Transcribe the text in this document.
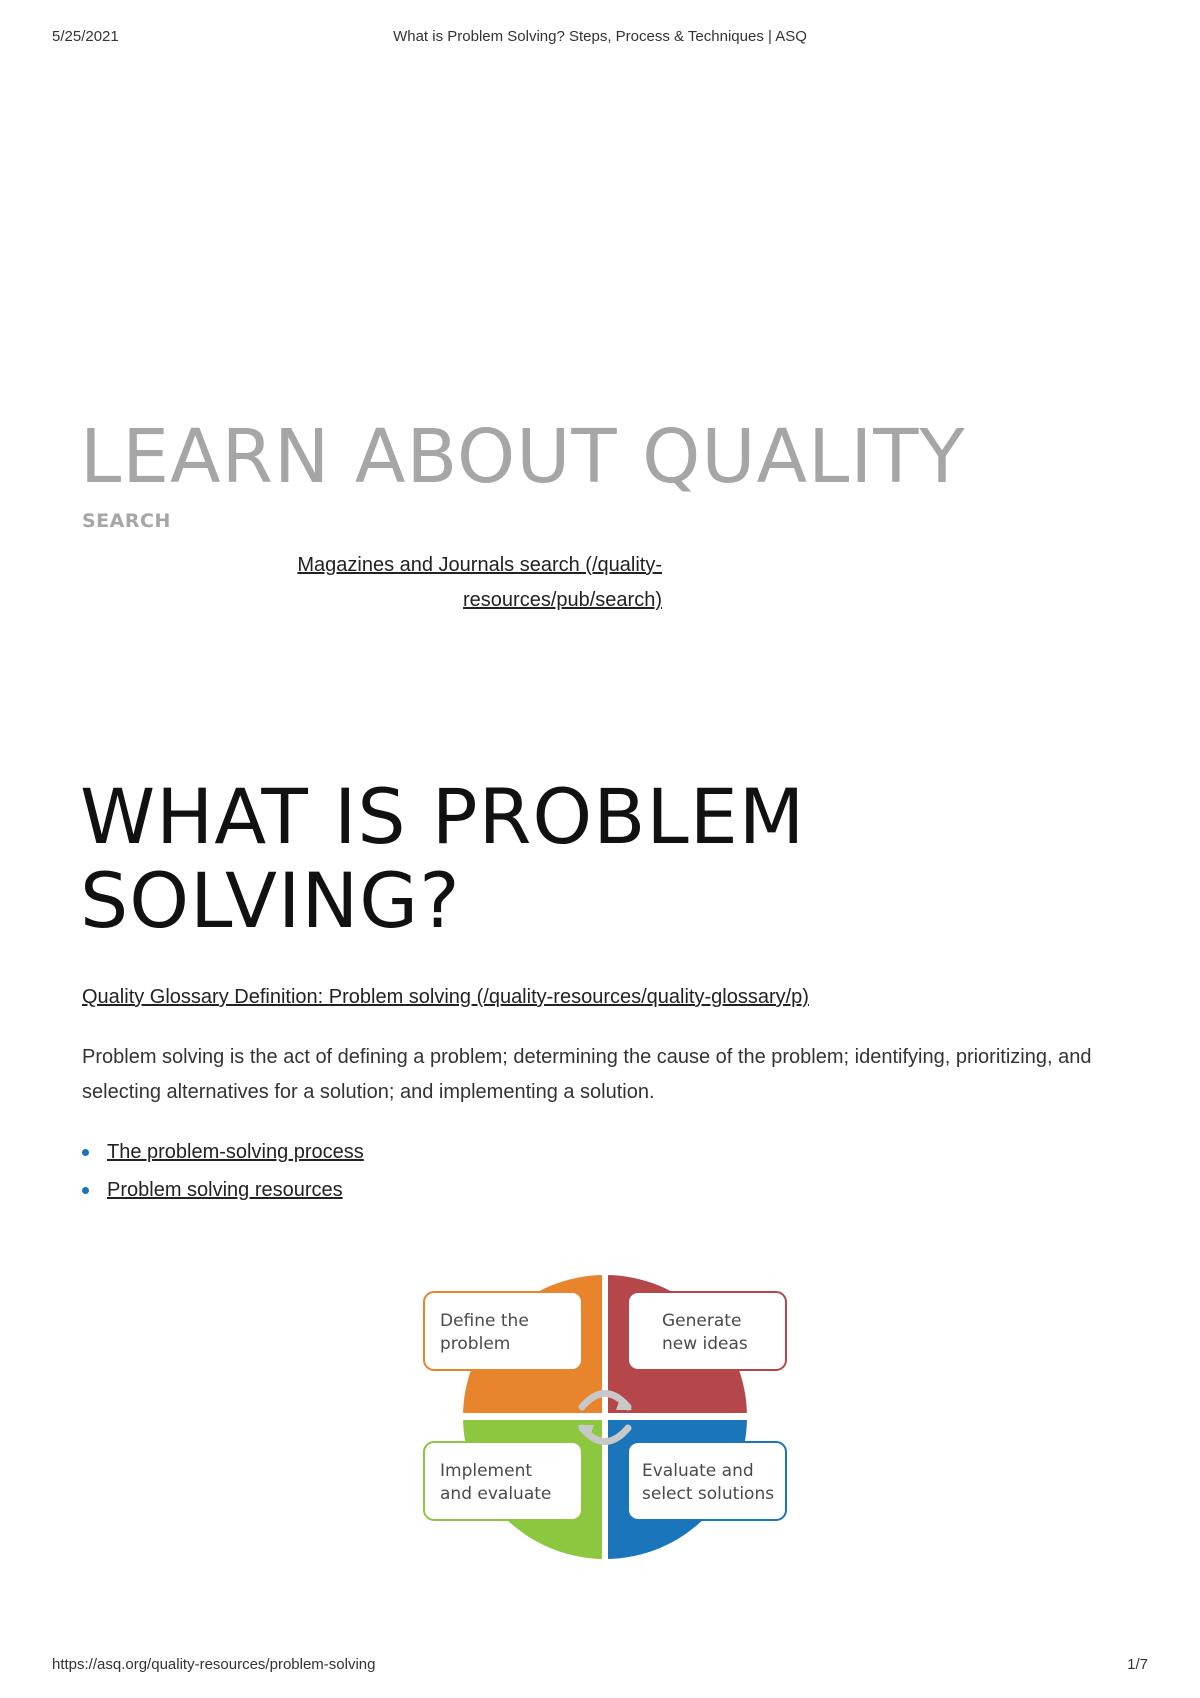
5/25/2021	What is Problem Solving? Steps, Process & Techniques | ASQ
LEARN ABOUT QUALITY
SEARCH
Magazines and Journals search (/quality-
resources/pub/search)
WHAT IS PROBLEM
SOLVING?
Quality Glossary Definition: Problem solving (/quality-resources/quality-glossary/p)

Problem solving is the act of defining a problem; determining the cause of the problem; identifying, prioritizing, and selecting alternatives for a solution; and implementing a solution.

The problem-solving process
Problem solving resources
Define the problem
Generate new ideas
Implement and evaluate
Evaluate and select solutions
https://asq.org/quality-resources/problem-solving	1/7
